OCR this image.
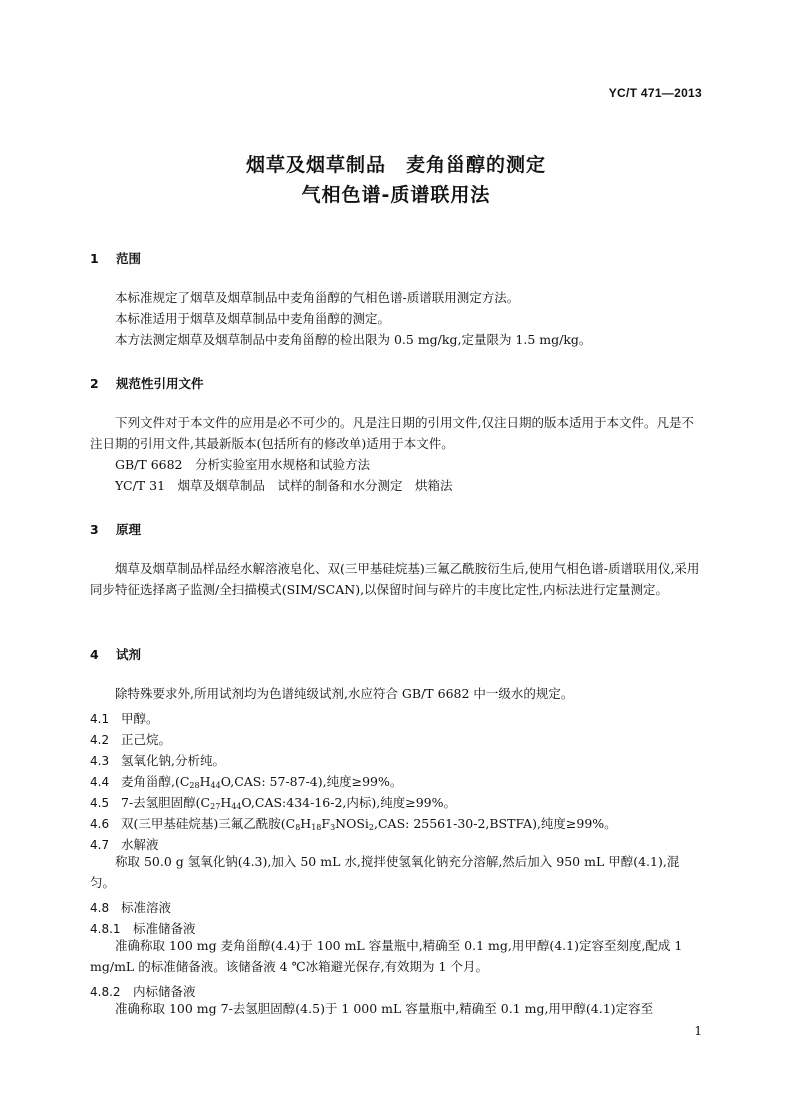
YC/T 471—2013
烟草及烟草制品　麦角甾醇的测定
气相色谱-质谱联用法
1 范围
本标准规定了烟草及烟草制品中麦角甾醇的气相色谱-质谱联用测定方法。
本标准适用于烟草及烟草制品中麦角甾醇的测定。
本方法测定烟草及烟草制品中麦角甾醇的检出限为 0.5 mg/kg,定量限为 1.5 mg/kg。
2 规范性引用文件
下列文件对于本文件的应用是必不可少的。凡是注日期的引用文件,仅注日期的版本适用于本文件。凡是不注日期的引用文件,其最新版本(包括所有的修改单)适用于本文件。
GB/T 6682　分析实验室用水规格和试验方法
YC/T 31　烟草及烟草制品　试样的制备和水分测定　烘箱法
3 原理
烟草及烟草制品样品经水解溶液皂化、双(三甲基硅烷基)三氟乙酰胺衍生后,使用气相色谱-质谱联用仪,采用同步特征选择离子监测/全扫描模式(SIM/SCAN),以保留时间与碎片的丰度比定性,内标法进行定量测定。
4 试剂
除特殊要求外,所用试剂均为色谱纯级试剂,水应符合 GB/T 6682 中一级水的规定。
4.1 甲醇。
4.2 正己烷。
4.3 氢氧化钠,分析纯。
4.4 麦角甾醇$,(C_{28}H_{44}O,CAS$: 57-87-4),纯度≥99%。
4.5 7-去氢胆固醇($C_{27}H_{44}O,CAS:434-16-2$,内标),纯度≥99%。
4.6 双(三甲基硅烷基)三氟乙酰胺($C_8H_{18}F_3NOSi_2,CAS$: 25561-30-2,BSTFA),纯度≥99%。
4.7 水解液
称取 50.0 g 氢氧化钠(4.3),加入 50 mL 水,搅拌使氢氧化钠充分溶解,然后加入 950 mL 甲醇(4.1),混匀。
4.8 标准溶液
4.8.1 标准储备液
准确称取 100 mg 麦角甾醇(4.4)于 100 mL 容量瓶中,精确至 0.1 mg,用甲醇(4.1)定容至刻度,配成 1 mg/mL 的标准储备液。该储备液 4 ℃冰箱避光保存,有效期为 1 个月。
4.8.2 内标储备液
准确称取 100 mg 7-去氢胆固醇(4.5)于 1 000 mL 容量瓶中,精确至 0.1 mg,用甲醇(4.1)定容至
1
